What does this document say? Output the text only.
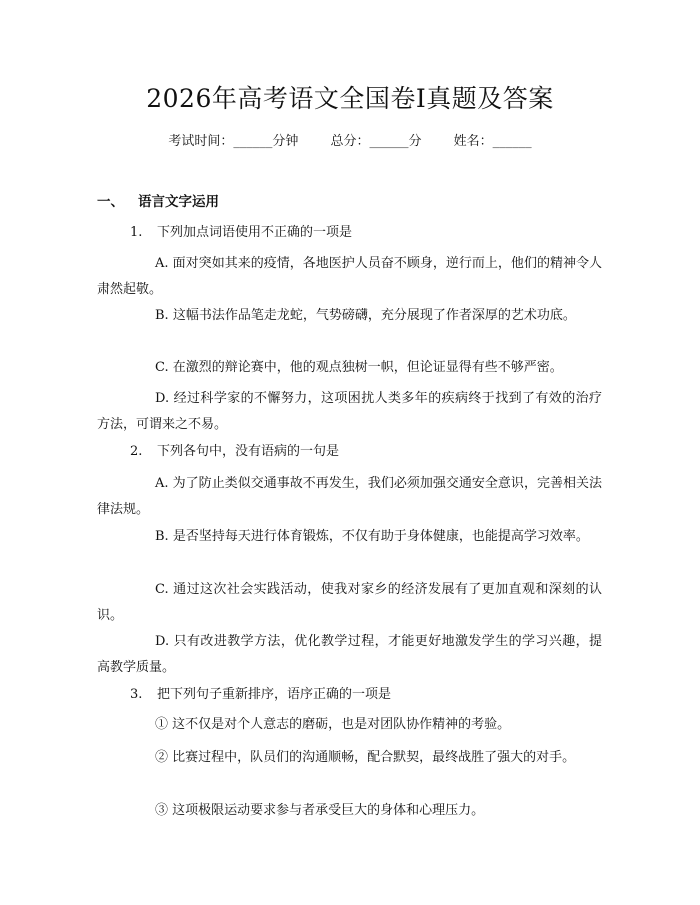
2026年高考语文全国卷Ⅰ真题及答案
考试时间：______分钟 总分：______分 姓名：______
一、 语言文字运用
1. 下列加点词语使用不正确的一项是
A. 面对突如其来的疫情，各地医护人员奋不顾身，逆行而上，他们的精神令人肃然起敬。
B. 这幅书法作品笔走龙蛇，气势磅礴，充分展现了作者深厚的艺术功底。
C. 在激烈的辩论赛中，他的观点独树一帜，但论证显得有些不够严密。
D. 经过科学家的不懈努力，这项困扰人类多年的疾病终于找到了有效的治疗方法，可谓来之不易。
2. 下列各句中，没有语病的一句是
A. 为了防止类似交通事故不再发生，我们必须加强交通安全意识，完善相关法律法规。
B. 是否坚持每天进行体育锻炼，不仅有助于身体健康，也能提高学习效率。
C. 通过这次社会实践活动，使我对家乡的经济发展有了更加直观和深刻的认识。
D. 只有改进教学方法，优化教学过程，才能更好地激发学生的学习兴趣，提高教学质量。
3. 把下列句子重新排序，语序正确的一项是
① 这不仅是对个人意志的磨砺，也是对团队协作精神的考验。
② 比赛过程中，队员们的沟通顺畅，配合默契，最终战胜了强大的对手。
③ 这项极限运动要求参与者承受巨大的身体和心理压力。
